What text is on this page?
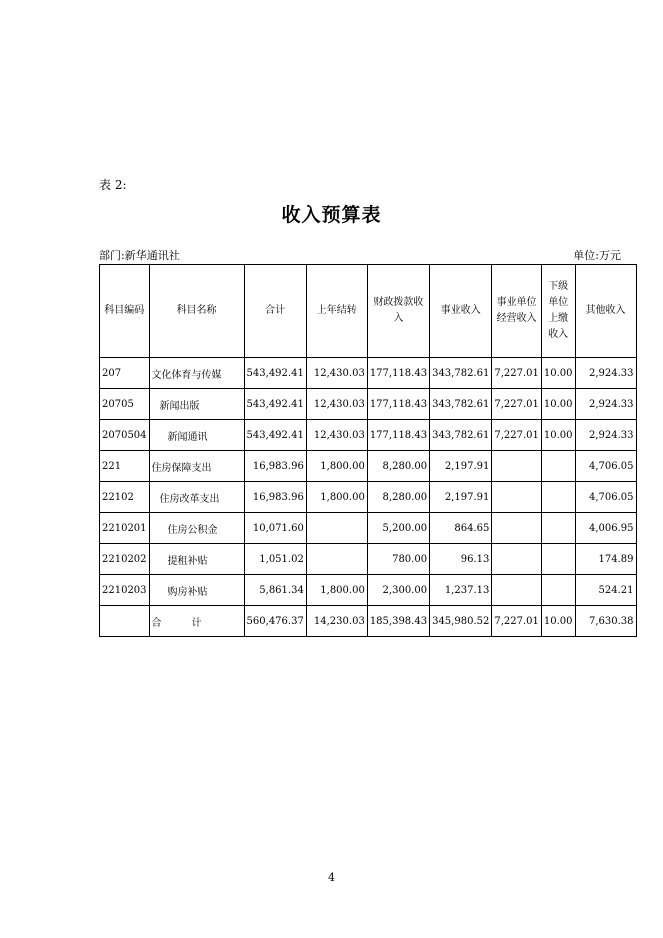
表 2:
收入预算表
部门:新华通讯社	单位:万元
科目编码	科目名称	合计	上年结转	财政拨款收入	事业收入	事业单位经营收入	下级单位上缴收入	其他收入
207	文化体育与传媒	543,492.41	12,430.03	177,118.43	343,782.61	7,227.01	10.00	2,924.33
20705	新闻出版	543,492.41	12,430.03	177,118.43	343,782.61	7,227.01	10.00	2,924.33
2070504	新闻通讯	543,492.41	12,430.03	177,118.43	343,782.61	7,227.01	10.00	2,924.33
221	住房保障支出	16,983.96	1,800.00	8,280.00	2,197.91			4,706.05
22102	住房改革支出	16,983.96	1,800.00	8,280.00	2,197.91			4,706.05
2210201	住房公积金	10,071.60		5,200.00	864.65			4,006.95
2210202	提租补贴	1,051.02		780.00	96.13			174.89
2210203	购房补贴	5,861.34	1,800.00	2,300.00	1,237.13			524.21
	合　　　计	560,476.37	14,230.03	185,398.43	345,980.52	7,227.01	10.00	7,630.38
4
